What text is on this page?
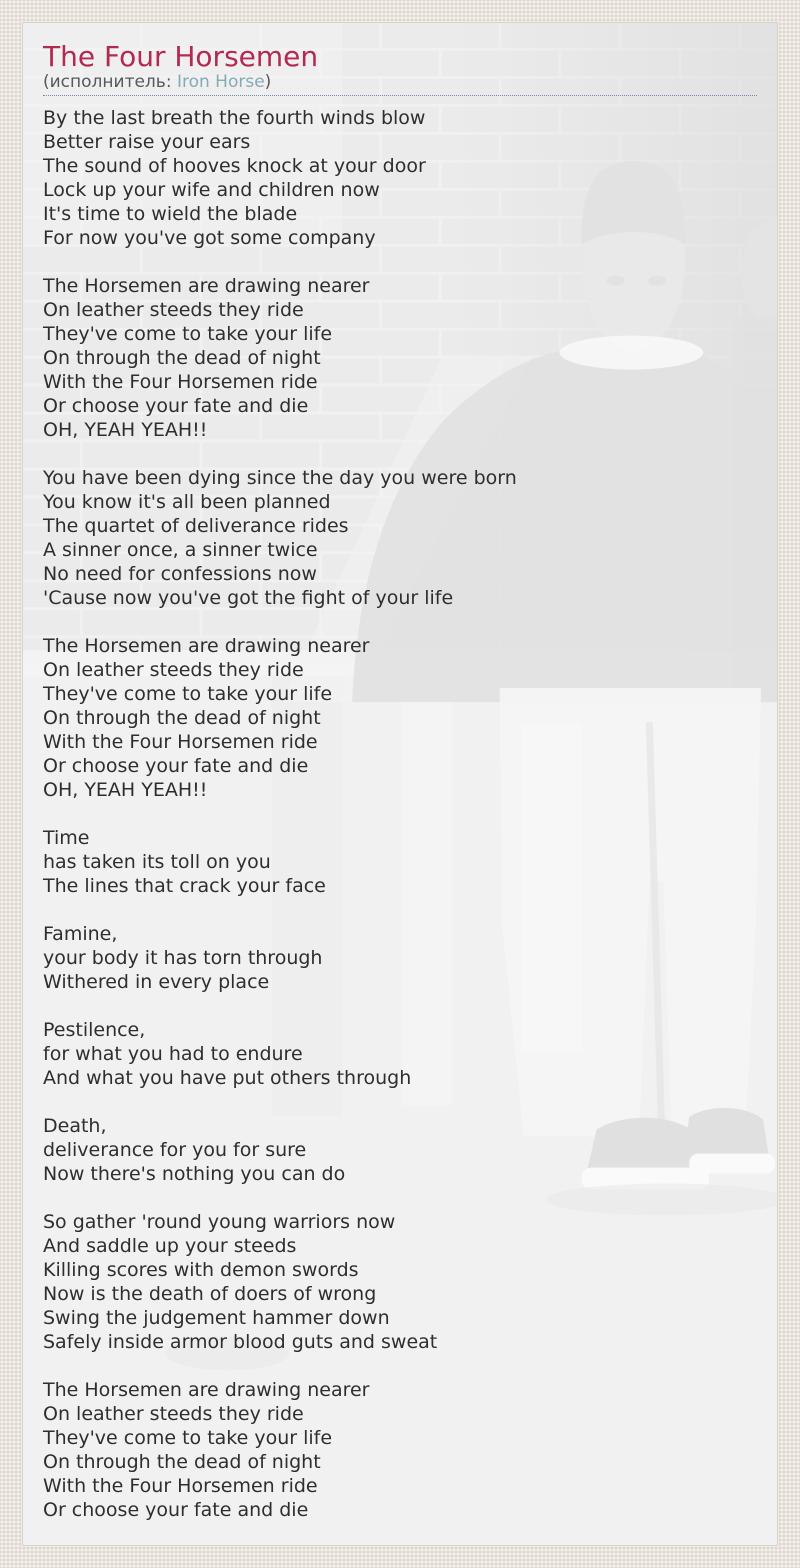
The Four Horsemen
(исполнитель: Iron Horse)

By the last breath the fourth winds blow
Better raise your ears
The sound of hooves knock at your door
Lock up your wife and children now
It's time to wield the blade
For now you've got some company

The Horsemen are drawing nearer
On leather steeds they ride
They've come to take your life
On through the dead of night
With the Four Horsemen ride
Or choose your fate and die
OH, YEAH YEAH!!

You have been dying since the day you were born
You know it's all been planned
The quartet of deliverance rides
A sinner once, a sinner twice
No need for confessions now
'Cause now you've got the fight of your life

The Horsemen are drawing nearer
On leather steeds they ride
They've come to take your life
On through the dead of night
With the Four Horsemen ride
Or choose your fate and die
OH, YEAH YEAH!!

Time
has taken its toll on you
The lines that crack your face

Famine,
your body it has torn through
Withered in every place

Pestilence,
for what you had to endure
And what you have put others through

Death,
deliverance for you for sure
Now there's nothing you can do

So gather 'round young warriors now
And saddle up your steeds
Killing scores with demon swords
Now is the death of doers of wrong
Swing the judgement hammer down
Safely inside armor blood guts and sweat

The Horsemen are drawing nearer
On leather steeds they ride
They've come to take your life
On through the dead of night
With the Four Horsemen ride
Or choose your fate and die
